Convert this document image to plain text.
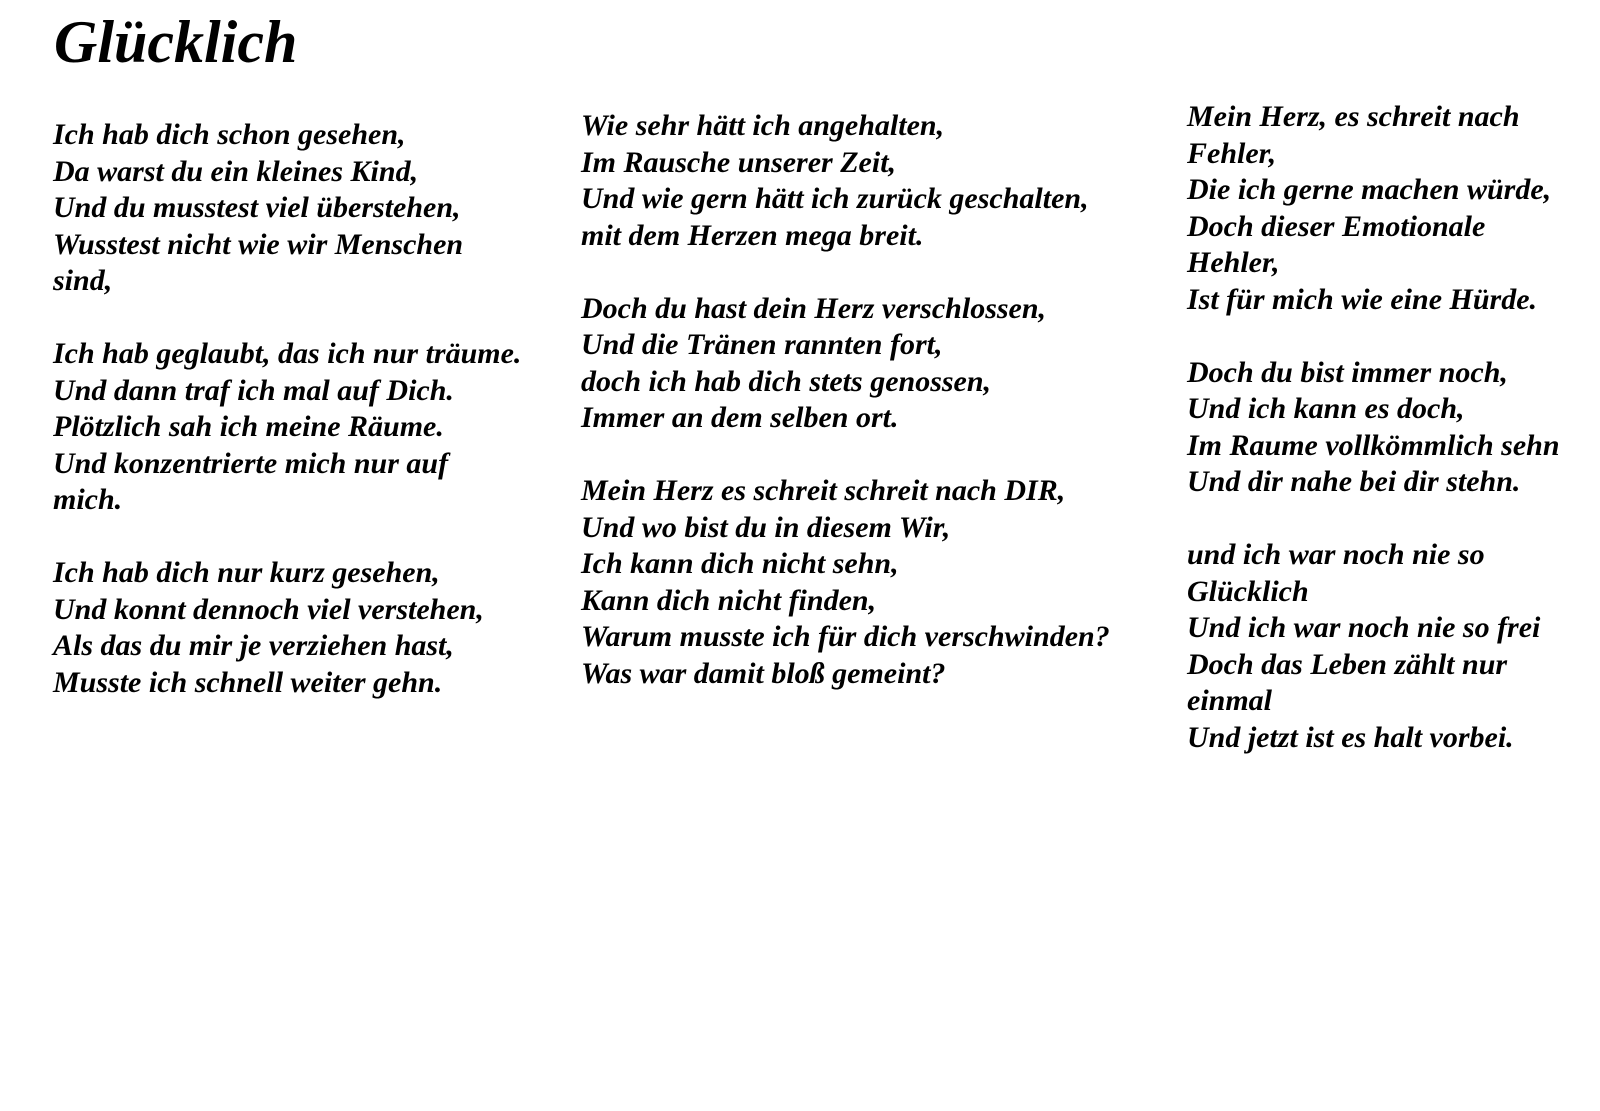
Glücklich
Ich hab dich schon gesehen,
Da warst du ein kleines Kind,
Und du musstest viel überstehen,
Wusstest nicht wie wir Menschen
sind,
Ich hab geglaubt, das ich nur träume.
Und dann traf ich mal auf Dich.
Plötzlich sah ich meine Räume.
Und konzentrierte mich nur auf
mich.
Ich hab dich nur kurz gesehen,
Und konnt dennoch viel verstehen,
Als das du mir je verziehen hast,
Musste ich schnell weiter gehn.
Wie sehr hätt ich angehalten,
Im Rausche unserer Zeit,
Und wie gern hätt ich zurück geschalten,
mit dem Herzen mega breit.
Doch du hast dein Herz verschlossen,
Und die Tränen rannten fort,
doch ich hab dich stets genossen,
Immer an dem selben ort.
Mein Herz es schreit schreit nach DIR,
Und wo bist du in diesem Wir,
Ich kann dich nicht sehn,
Kann dich nicht finden,
Warum musste ich für dich verschwinden?
Was war damit bloß gemeint?
Mein Herz, es schreit nach
Fehler,
Die ich gerne machen würde,
Doch dieser Emotionale
Hehler,
Ist für mich wie eine Hürde.
Doch du bist immer noch,
Und ich kann es doch,
Im Raume vollkömmlich sehn
Und dir nahe bei dir stehn.
und ich war noch nie so
Glücklich
Und ich war noch nie so frei
Doch das Leben zählt nur
einmal
Und jetzt ist es halt vorbei.
